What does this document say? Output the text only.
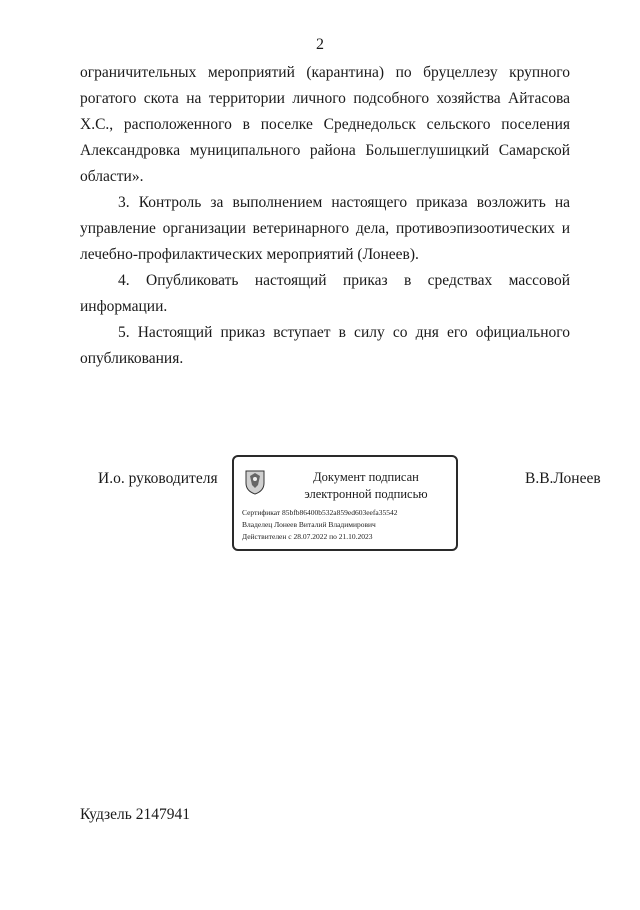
2

ограничительных мероприятий (карантина) по бруцеллезу крупного рогатого скота на территории личного подсобного хозяйства Айтасова Х.С., расположенного в поселке Среднедольск сельского поселения Александровка муниципального района Большеглушицкий Самарской области».

3. Контроль за выполнением настоящего приказа возложить на управление организации ветеринарного дела, противоэпизоотических и лечебно-профилактических мероприятий (Лонеев).

4. Опубликовать настоящий приказ в средствах массовой информации.

5. Настоящий приказ вступает в силу со дня его официального опубликования.

И.о. руководителя	Документ подписан
электронной подписью
Сертификат 85bfb86400b532a859ed603eefa35542
Владелец Лонеев Виталий Владимирович
Действителен с 28.07.2022 по 21.10.2023
В.В.Лонеев
Кудзель 2147941
